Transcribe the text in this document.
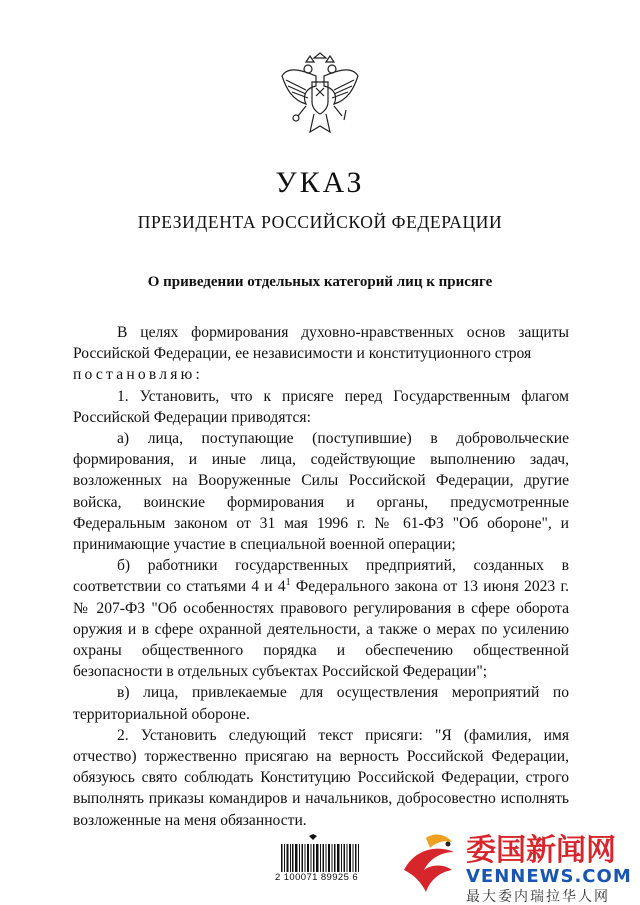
УКАЗ
ПРЕЗИДЕНТА РОССИЙСКОЙ ФЕДЕРАЦИИ
О приведении отдельных категорий лиц к присяге

В целях формирования духовно-нравственных основ защиты Российской Федерации, ее независимости и конституционного строя

постановляю:

1. Установить, что к присяге перед Государственным флагом Российской Федерации приводятся:

а) лица, поступающие (поступившие) в добровольческие формирования, и иные лица, содействующие выполнению задач, возложенных на Вооруженные Силы Российской Федерации, другие войска, воинские формирования и органы, предусмотренные Федеральным законом от 31 мая 1996 г. № 61-ФЗ "Об обороне", и принимающие участие в специальной военной операции;

б) работники государственных предприятий, созданных в соответствии со статьями 4 и $4^1$ Федерального закона от 13 июня 2023 г. № 207-ФЗ "Об особенностях правового регулирования в сфере оборота оружия и в сфере охранной деятельности, а также о мерах по усилению охраны общественного порядка и обеспечению общественной безопасности в отдельных субъектах Российской Федерации";

в) лица, привлекаемые для осуществления мероприятий по территориальной обороне.

2. Установить следующий текст присяги: "Я (фамилия, имя отчество) торжественно присягаю на верность Российской Федерации, обязуюсь свято соблюдать Конституцию Российской Федерации, строго выполнять приказы командиров и начальников, добросовестно исполнять возложенные на меня обязанности.

2 100071 89925 6
委国新闻网
VENNEWS.COM
最大委内瑞拉华人网
